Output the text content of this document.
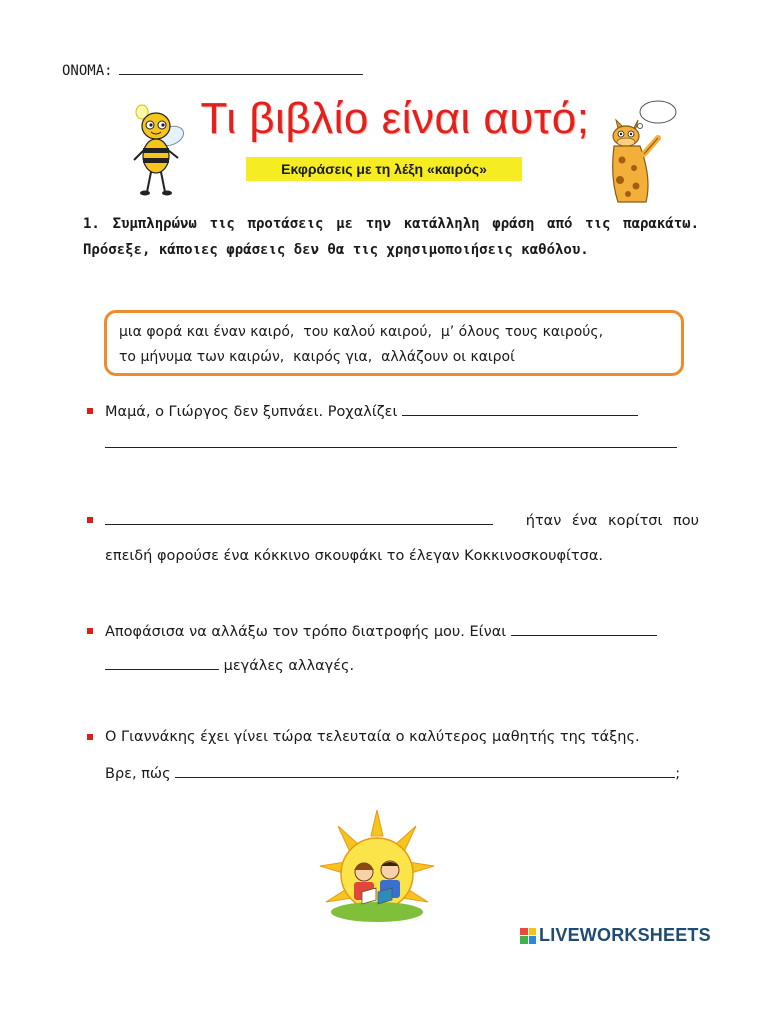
ΟΝΟΜΑ:
Τι βιβλίο είναι αυτό;
Εκφράσεις με τη λέξη «καιρός»
1. Συμπληρώνω τις προτάσεις με την κατάλληλη φράση από τις παρακάτω. Πρόσεξε, κάποιες φράσεις δεν θα τις χρησιμοποιήσεις καθόλου.
μια φορά και έναν καιρό, του καλού καιρού, μ’ όλους τους καιρούς,
το μήνυμα των καιρών, καιρός για, αλλάζουν οι καιροί
Μαμά, ο Γιώργος δεν ξυπνάει. Ροχαλίζει
ήταν ένα κορίτσι που
επειδή φορούσε ένα κόκκινο σκουφάκι το έλεγαν Κοκκινοσκουφίτσα.
Αποφάσισα να αλλάξω τον τρόπο διατροφής μου. Είναι
μεγάλες αλλαγές.
Ο Γιαννάκης έχει γίνει τώρα τελευταία ο καλύτερος μαθητής της τάξης.
Βρε, πώς	;
LIVEWORKSHEETS
